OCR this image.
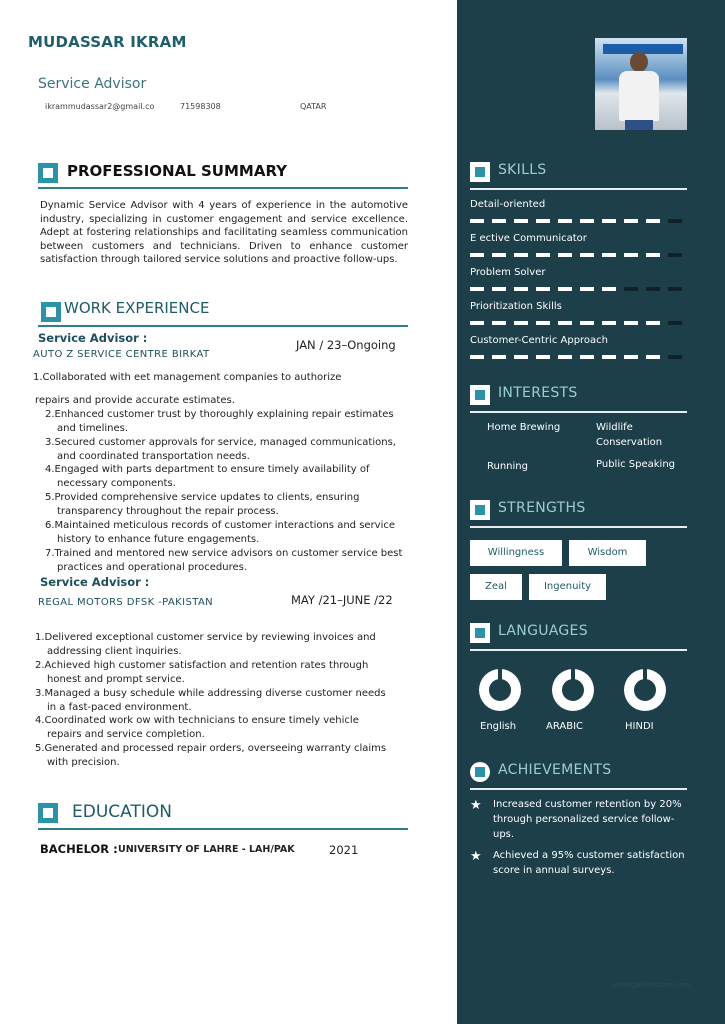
MUDASSAR IKRAM
Service Advisor
ikrammudassar2@gmail.co	71598308	QATAR
PROFESSIONAL SUMMARY
Dynamic Service Advisor with 4 years of experience in the automotive industry, specializing in customer engagement and service excellence. Adept at fostering relationships and facilitating seamless communication between customers and technicians. Driven to enhance customer satisfaction through tailored service solutions and proactive follow-ups.
WORK EXPERIENCE
Service Advisor :
AUTO Z SERVICE CENTRE BIRKAT
JAN / 23–Ongoing
1.Collaborated with eet management companies to authorize
repairs and provide accurate estimates.
2.Enhanced customer trust by thoroughly explaining repair estimates and timelines.
3.Secured customer approvals for service, managed communications, and coordinated transportation needs.
4.Engaged with parts department to ensure timely availability of necessary components.
5.Provided comprehensive service updates to clients, ensuring transparency throughout the repair process.
6.Maintained meticulous records of customer interactions and service history to enhance future engagements.
7.Trained and mentored new service advisors on customer service best practices and operational procedures.
Service Advisor :
REGAL MOTORS DFSK -PAKISTAN	MAY /21–JUNE /22
1.Delivered exceptional customer service by reviewing invoices and addressing client inquiries.
2.Achieved high customer satisfaction and retention rates through honest and prompt service.
3.Managed a busy schedule while addressing diverse customer needs in a fast-paced environment.
4.Coordinated work ow with technicians to ensure timely vehicle repairs and service completion.
5.Generated and processed repair orders, overseeing warranty claims with precision.
EDUCATION
BACHELOR : UNIVERSITY OF LAHRE - LAH/PAK	2021
SKILLS
Detail-oriented
E ective Communicator
Problem Solver
Prioritization Skills
Customer-Centric Approach
INTERESTS
Home Brewing	Wildlife Conservation
Running	Public Speaking
STRENGTHS
Willingness	Wisdom
Zeal	Ingenuity
LANGUAGES
English	ARABIC	HINDI
ACHIEVEMENTS
★	Increased customer retention by 20% through personalized service follow-ups.
★	Achieved a 95% customer satisfaction score in annual surveys.
www.qwikresume.com
